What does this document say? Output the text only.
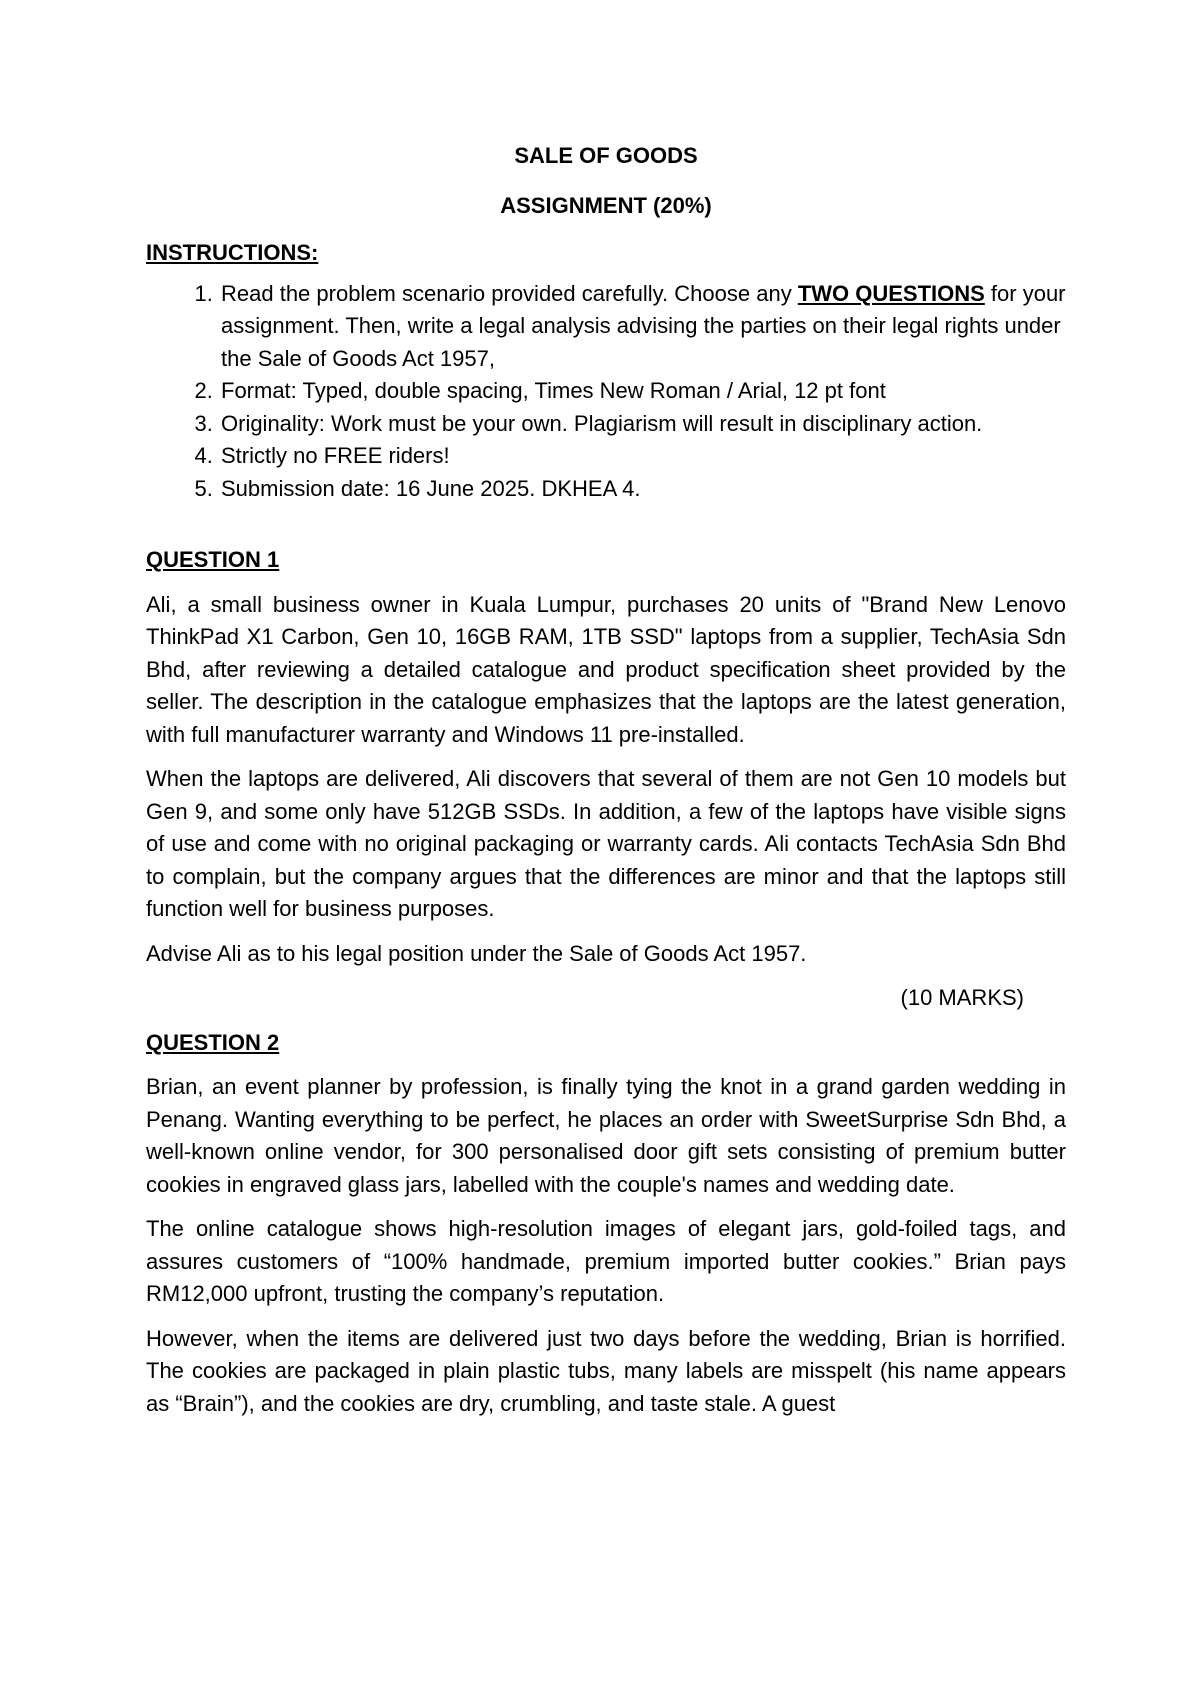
SALE OF GOODS

ASSIGNMENT (20%)

INSTRUCTIONS:

1. Read the problem scenario provided carefully. Choose any TWO QUESTIONS for your assignment. Then, write a legal analysis advising the parties on their legal rights under the Sale of Goods Act 1957,
2. Format: Typed, double spacing, Times New Roman / Arial, 12 pt font
3. Originality: Work must be your own. Plagiarism will result in disciplinary action.
4. Strictly no FREE riders!
5. Submission date: 16 June 2025. DKHEA 4.

QUESTION 1

Ali, a small business owner in Kuala Lumpur, purchases 20 units of "Brand New Lenovo ThinkPad X1 Carbon, Gen 10, 16GB RAM, 1TB SSD" laptops from a supplier, TechAsia Sdn Bhd, after reviewing a detailed catalogue and product specification sheet provided by the seller. The description in the catalogue emphasizes that the laptops are the latest generation, with full manufacturer warranty and Windows 11 pre-installed.

When the laptops are delivered, Ali discovers that several of them are not Gen 10 models but Gen 9, and some only have 512GB SSDs. In addition, a few of the laptops have visible signs of use and come with no original packaging or warranty cards. Ali contacts TechAsia Sdn Bhd to complain, but the company argues that the differences are minor and that the laptops still function well for business purposes.

Advise Ali as to his legal position under the Sale of Goods Act 1957.

(10 MARKS)

QUESTION 2

Brian, an event planner by profession, is finally tying the knot in a grand garden wedding in Penang. Wanting everything to be perfect, he places an order with SweetSurprise Sdn Bhd, a well-known online vendor, for 300 personalised door gift sets consisting of premium butter cookies in engraved glass jars, labelled with the couple's names and wedding date.

The online catalogue shows high-resolution images of elegant jars, gold-foiled tags, and assures customers of “100% handmade, premium imported butter cookies.” Brian pays RM12,000 upfront, trusting the company’s reputation.

However, when the items are delivered just two days before the wedding, Brian is horrified. The cookies are packaged in plain plastic tubs, many labels are misspelt (his name appears as “Brain”), and the cookies are dry, crumbling, and taste stale. A guest
